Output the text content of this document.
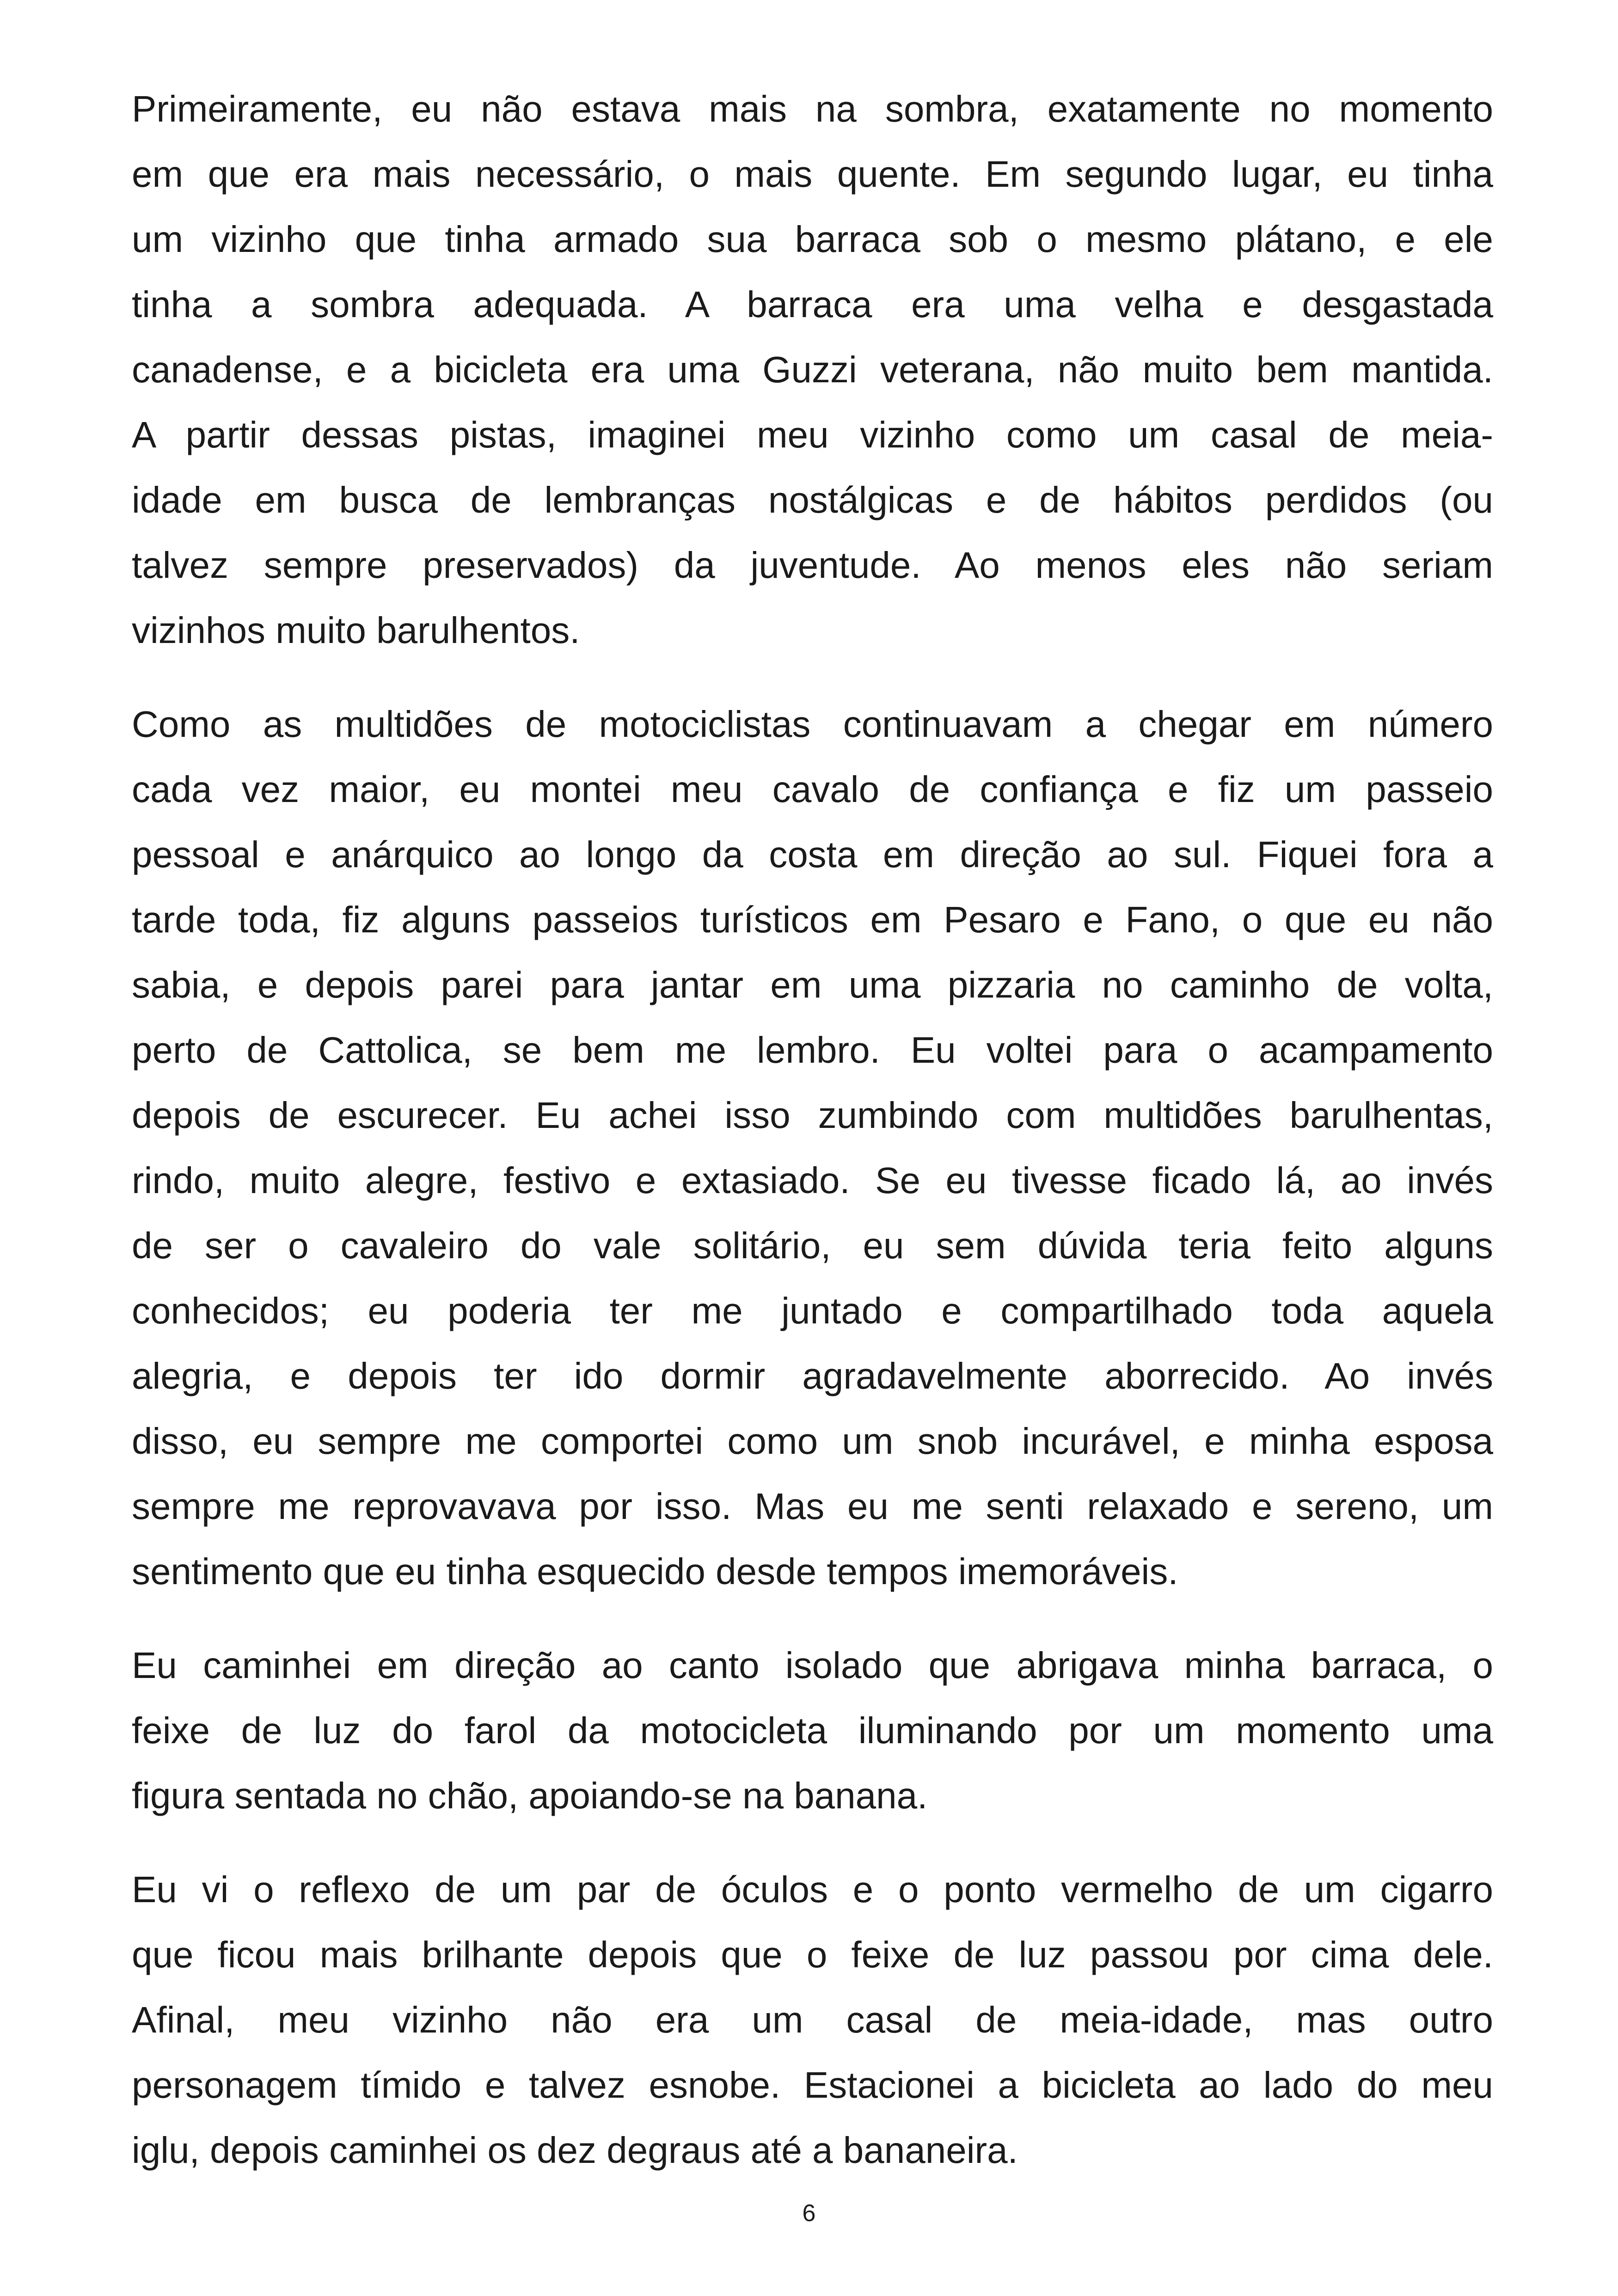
Primeiramente, eu não estava mais na sombra, exatamente no momento
em que era mais necessário, o mais quente. Em segundo lugar, eu tinha
um vizinho que tinha armado sua barraca sob o mesmo plátano, e ele
tinha a sombra adequada. A barraca era uma velha e desgastada
canadense, e a bicicleta era uma Guzzi veterana, não muito bem mantida.
A partir dessas pistas, imaginei meu vizinho como um casal de meia-
idade em busca de lembranças nostálgicas e de hábitos perdidos (ou
talvez sempre preservados) da juventude. Ao menos eles não seriam
vizinhos muito barulhentos.

Como as multidões de motociclistas continuavam a chegar em número
cada vez maior, eu montei meu cavalo de confiança e fiz um passeio
pessoal e anárquico ao longo da costa em direção ao sul. Fiquei fora a
tarde toda, fiz alguns passeios turísticos em Pesaro e Fano, o que eu não
sabia, e depois parei para jantar em uma pizzaria no caminho de volta,
perto de Cattolica, se bem me lembro. Eu voltei para o acampamento
depois de escurecer. Eu achei isso zumbindo com multidões barulhentas,
rindo, muito alegre, festivo e extasiado. Se eu tivesse ficado lá, ao invés
de ser o cavaleiro do vale solitário, eu sem dúvida teria feito alguns
conhecidos; eu poderia ter me juntado e compartilhado toda aquela
alegria, e depois ter ido dormir agradavelmente aborrecido. Ao invés
disso, eu sempre me comportei como um snob incurável, e minha esposa
sempre me reprovavava por isso. Mas eu me senti relaxado e sereno, um
sentimento que eu tinha esquecido desde tempos imemoráveis.

Eu caminhei em direção ao canto isolado que abrigava minha barraca, o
feixe de luz do farol da motocicleta iluminando por um momento uma
figura sentada no chão, apoiando-se na banana.

Eu vi o reflexo de um par de óculos e o ponto vermelho de um cigarro
que ficou mais brilhante depois que o feixe de luz passou por cima dele.
Afinal, meu vizinho não era um casal de meia-idade, mas outro
personagem tímido e talvez esnobe. Estacionei a bicicleta ao lado do meu
iglu, depois caminhei os dez degraus até a bananeira.

6
